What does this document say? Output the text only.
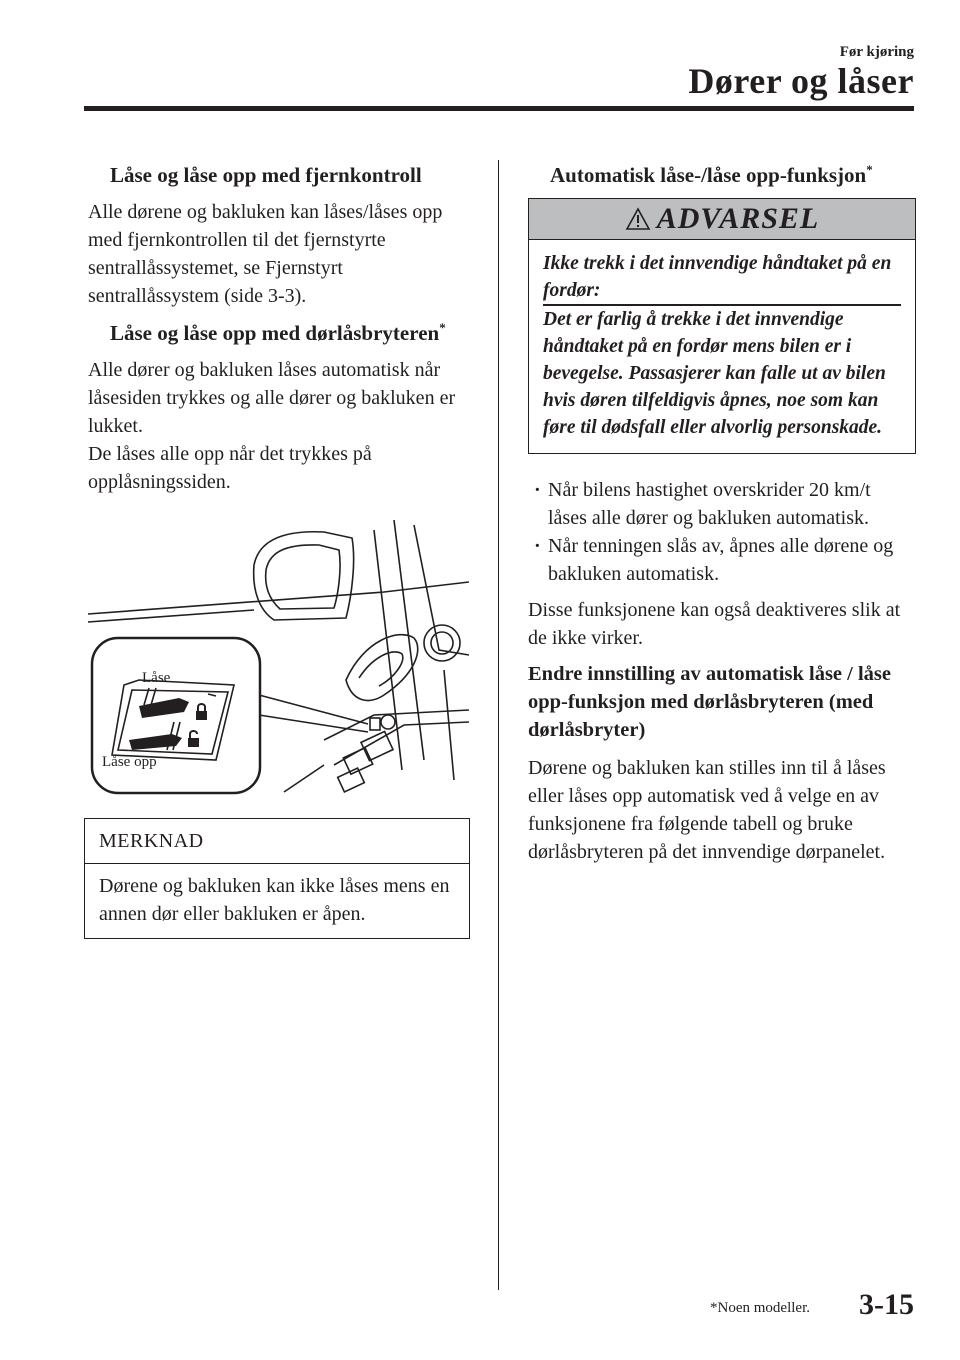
Før kjøring
Dører og låser
Låse og låse opp med fjernkontroll

Alle dørene og bakluken kan låses/låses opp med fjernkontrollen til det fjernstyrte sentrallåssystemet, se Fjernstyrt sentrallåssystem (side 3-3).

Låse og låse opp med dørlåsbryteren*

Alle dører og bakluken låses automatisk når låsesiden trykkes og alle dører og bakluken er lukket.

De låses alle opp når det trykkes på opplåsningssiden.

Låse
Låse opp
MERKNAD
Dørene og bakluken kan ikke låses mens en annen dør eller bakluken er åpen.
Automatisk låse-/låse opp-funksjon*
ADVARSEL
Ikke trekk i det innvendige håndtaket på en fordør:
Det er farlig å trekke i det innvendige håndtaket på en fordør mens bilen er i bevegelse. Passasjerer kan falle ut av bilen hvis døren tilfeldigvis åpnes, noe som kan føre til dødsfall eller alvorlig personskade.
· Når bilens hastighet overskrider 20 km/t låses alle dører og bakluken automatisk.
· Når tenningen slås av, åpnes alle dørene og bakluken automatisk.

Disse funksjonene kan også deaktiveres slik at de ikke virker.

Endre innstilling av automatisk låse / låse opp-funksjon med dørlåsbryteren (med dørlåsbryter)

Dørene og bakluken kan stilles inn til å låses eller låses opp automatisk ved å velge en av funksjonene fra følgende tabell og bruke dørlåsbryteren på det innvendige dørpanelet.

*Noen modeller. 3-15
